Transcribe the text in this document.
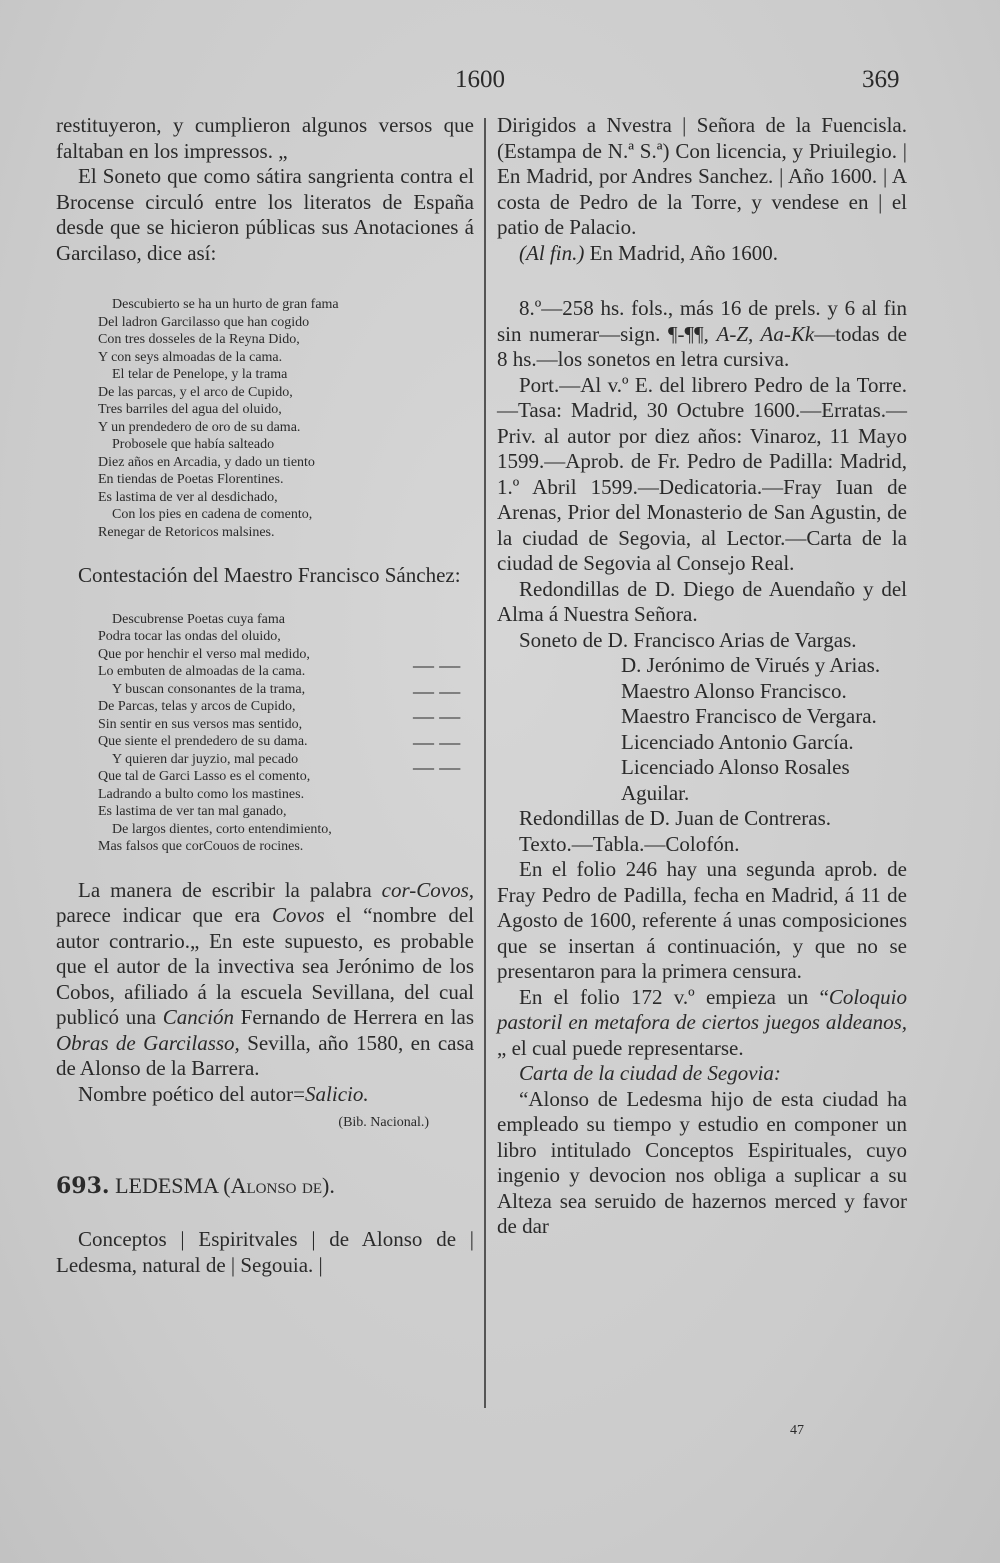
1600	369

restituyeron, y cumplieron algunos versos que faltaban en los impressos. „

El Soneto que como sátira sangrienta contra el Brocense circuló entre los literatos de España desde que se hicieron públicas sus Anotaciones á Garcilaso, dice así:

Descubierto se ha un hurto de gran fama
Del ladron Garcilasso que han cogido
Con tres dosseles de la Reyna Dido,
Y con seys almoadas de la cama.
El telar de Penelope, y la trama
De las parcas, y el arco de Cupido,
Tres barriles del agua del oluido,
Y un prendedero de oro de su dama.
Probosele que había salteado
Diez años en Arcadia, y dado un tiento
En tiendas de Poetas Florentines.
Es lastima de ver al desdichado,
Con los pies en cadena de comento,
Renegar de Retoricos malsines.

Contestación del Maestro Francisco Sánchez:

Descubrense Poetas cuya fama
Podra tocar las ondas del oluido,
Que por henchir el verso mal medido,
Lo embuten de almoadas de la cama.
Y buscan consonantes de la trama,
De Parcas, telas y arcos de Cupido,
Sin sentir en sus versos mas sentido,
Que siente el prendedero de su dama.
Y quieren dar juyzio, mal pecado
Que tal de Garci Lasso es el comento,
Ladrando a bulto como los mastines.
Es lastima de ver tan mal ganado,
De largos dientes, corto entendimiento,
Mas falsos que corCouos de rocines.

La manera de escribir la palabra cor-Covos, parece indicar que era Covos el “nombre del autor contrario.„ En este supuesto, es probable que el autor de la invectiva sea Jerónimo de los Cobos, afiliado á la escuela Sevillana, del cual publicó una Canción Fernando de Herrera en las Obras de Garcilasso, Sevilla, año 1580, en casa de Alonso de la Barrera.

Nombre poético del autor=Salicio.

(Bib. Nacional.)

693. LEDESMA (Alonso de).

Conceptos | Espiritvales | de Alonso de | Ledesma, natural de | Segouia. |

Dirigidos a Nvestra | Señora de la Fuencisla. (Estampa de N.ª S.ª) Con licencia, y Priuilegio. | En Madrid, por Andres Sanchez. | Año 1600. | A costa de Pedro de la Torre, y vendese en | el patio de Palacio.

(Al fin.) En Madrid, Año 1600.

8.º—258 hs. fols., más 16 de prels. y 6 al fin sin numerar—sign. ¶-¶¶, A-Z, Aa-Kk—todas de 8 hs.—los sonetos en letra cursiva.

Port.—Al v.º E. del librero Pedro de la Torre.—Tasa: Madrid, 30 Octubre 1600.—Erratas.—Priv. al autor por diez años: Vinaroz, 11 Mayo 1599.—Aprob. de Fr. Pedro de Padilla: Madrid, 1.º Abril 1599.—Dedicatoria.—Fray Iuan de Arenas, Prior del Monasterio de San Agustin, de la ciudad de Segovia, al Lector.—Carta de la ciudad de Segovia al Consejo Real.

Redondillas de D. Diego de Auendaño y del Alma á Nuestra Señora.

Soneto de D. Francisco Arias de Vargas.

— —	D. Jerónimo de Virués y Arias.

— —	Maestro Alonso Francisco.

— —	Maestro Francisco de Vergara.

— —	Licenciado Antonio García.

— —	Licenciado Alonso Rosales Aguilar.

Redondillas de D. Juan de Contreras.

Texto.—Tabla.—Colofón.

En el folio 246 hay una segunda aprob. de Fray Pedro de Padilla, fecha en Madrid, á 11 de Agosto de 1600, referente á unas composiciones que se insertan á continuación, y que no se presentaron para la primera censura.

En el folio 172 v.º empieza un “Coloquio pastoril en metafora de ciertos juegos aldeanos,„ el cual puede representarse.

Carta de la ciudad de Segovia:

“Alonso de Ledesma hijo de esta ciudad ha empleado su tiempo y estudio en componer un libro intitulado Conceptos Espirituales, cuyo ingenio y devocion nos obliga a suplicar a su Alteza sea seruido de hazernos merced y favor de dar

47
